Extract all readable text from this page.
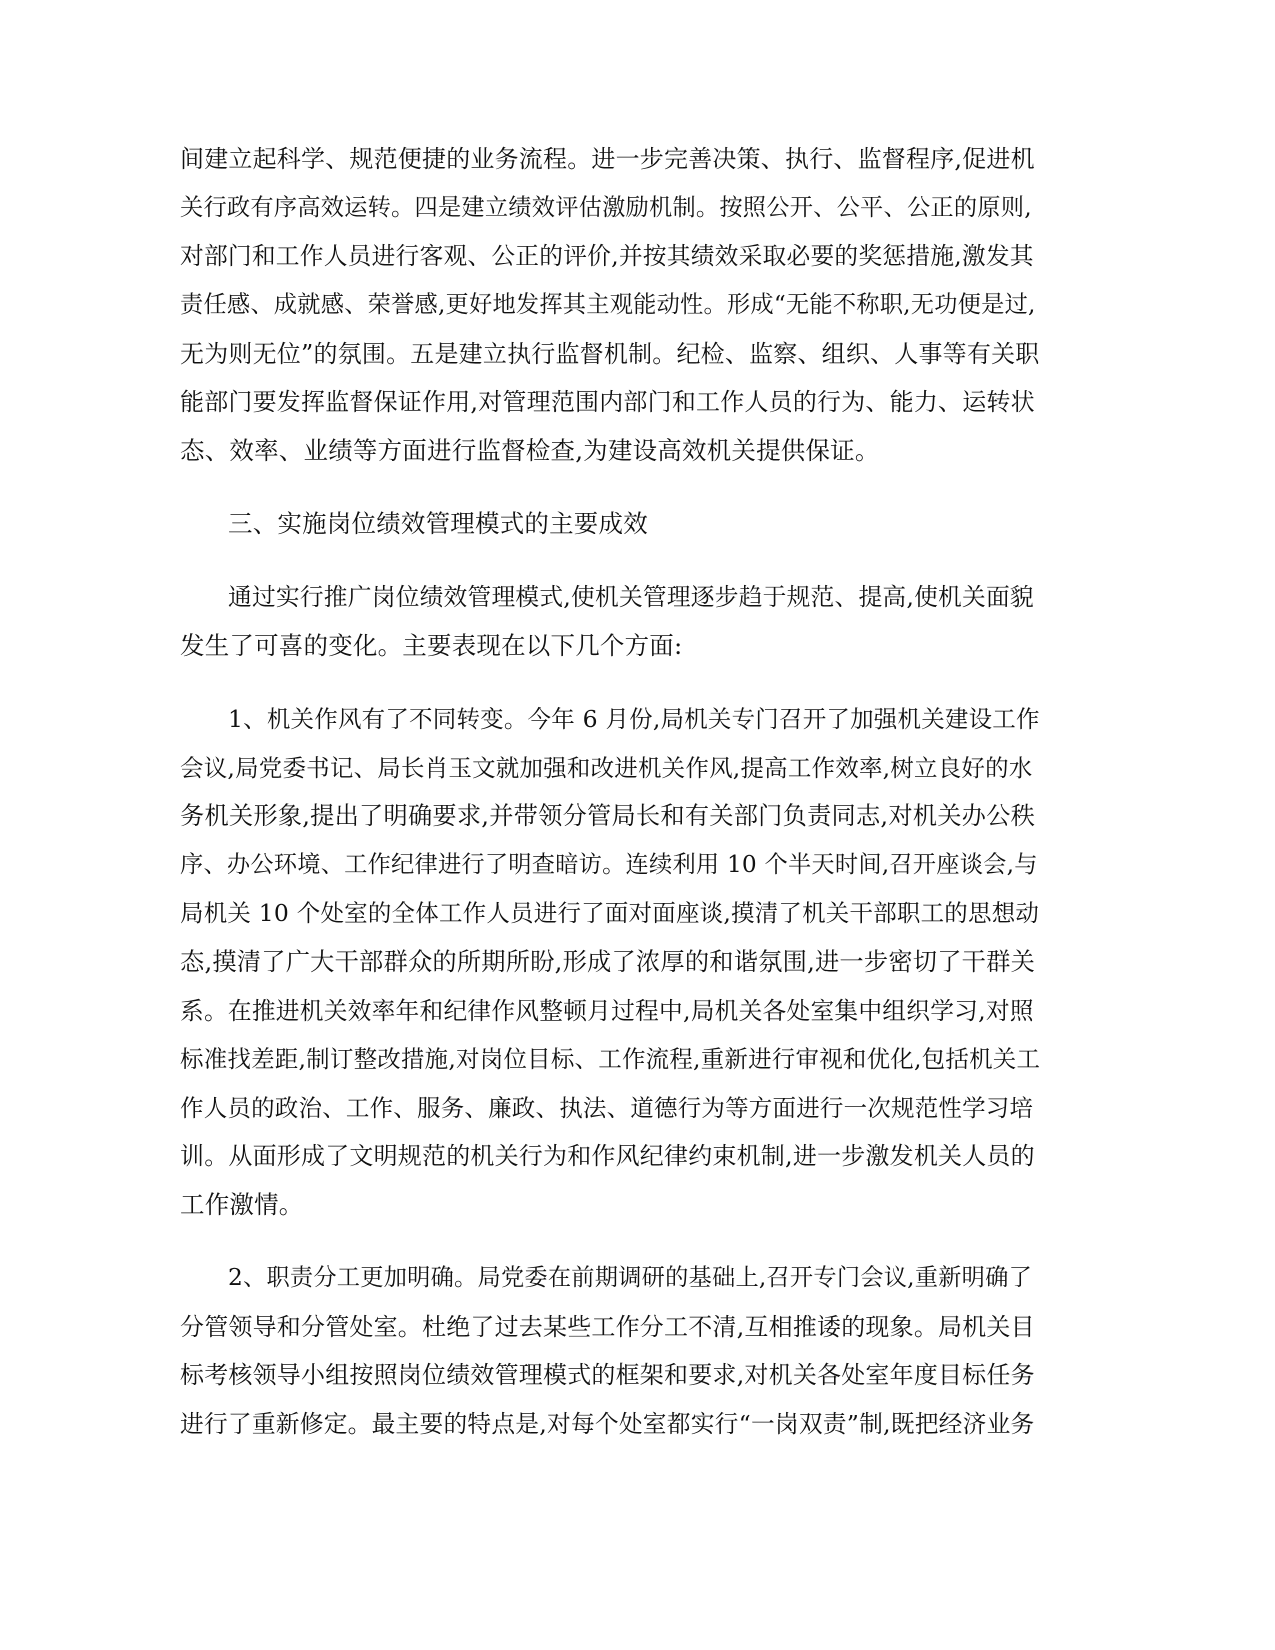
间建立起科学、规范便捷的业务流程。进一步完善决策、执行、监督程序,促进机
关行政有序高效运转。四是建立绩效评估激励机制。按照公开、公平、公正的原则,
对部门和工作人员进行客观、公正的评价,并按其绩效采取必要的奖惩措施,激发其
责任感、成就感、荣誉感,更好地发挥其主观能动性。形成“无能不称职,无功便是过,
无为则无位”的氛围。五是建立执行监督机制。纪检、监察、组织、人事等有关职
能部门要发挥监督保证作用,对管理范围内部门和工作人员的行为、能力、运转状
态、效率、业绩等方面进行监督检查,为建设高效机关提供保证。
三、实施岗位绩效管理模式的主要成效
通过实行推广岗位绩效管理模式,使机关管理逐步趋于规范、提高,使机关面貌
发生了可喜的变化。主要表现在以下几个方面:
1、机关作风有了不同转变。今年 6 月份,局机关专门召开了加强机关建设工作
会议,局党委书记、局长肖玉文就加强和改进机关作风,提高工作效率,树立良好的水
务机关形象,提出了明确要求,并带领分管局长和有关部门负责同志,对机关办公秩
序、办公环境、工作纪律进行了明查暗访。连续利用 10 个半天时间,召开座谈会,与
局机关 10 个处室的全体工作人员进行了面对面座谈,摸清了机关干部职工的思想动
态,摸清了广大干部群众的所期所盼,形成了浓厚的和谐氛围,进一步密切了干群关
系。在推进机关效率年和纪律作风整顿月过程中,局机关各处室集中组织学习,对照
标准找差距,制订整改措施,对岗位目标、工作流程,重新进行审视和优化,包括机关工
作人员的政治、工作、服务、廉政、执法、道德行为等方面进行一次规范性学习培
训。从面形成了文明规范的机关行为和作风纪律约束机制,进一步激发机关人员的
工作激情。
2、职责分工更加明确。局党委在前期调研的基础上,召开专门会议,重新明确了
分管领导和分管处室。杜绝了过去某些工作分工不清,互相推诿的现象。局机关目
标考核领导小组按照岗位绩效管理模式的框架和要求,对机关各处室年度目标任务
进行了重新修定。最主要的特点是,对每个处室都实行“一岗双责”制,既把经济业务
